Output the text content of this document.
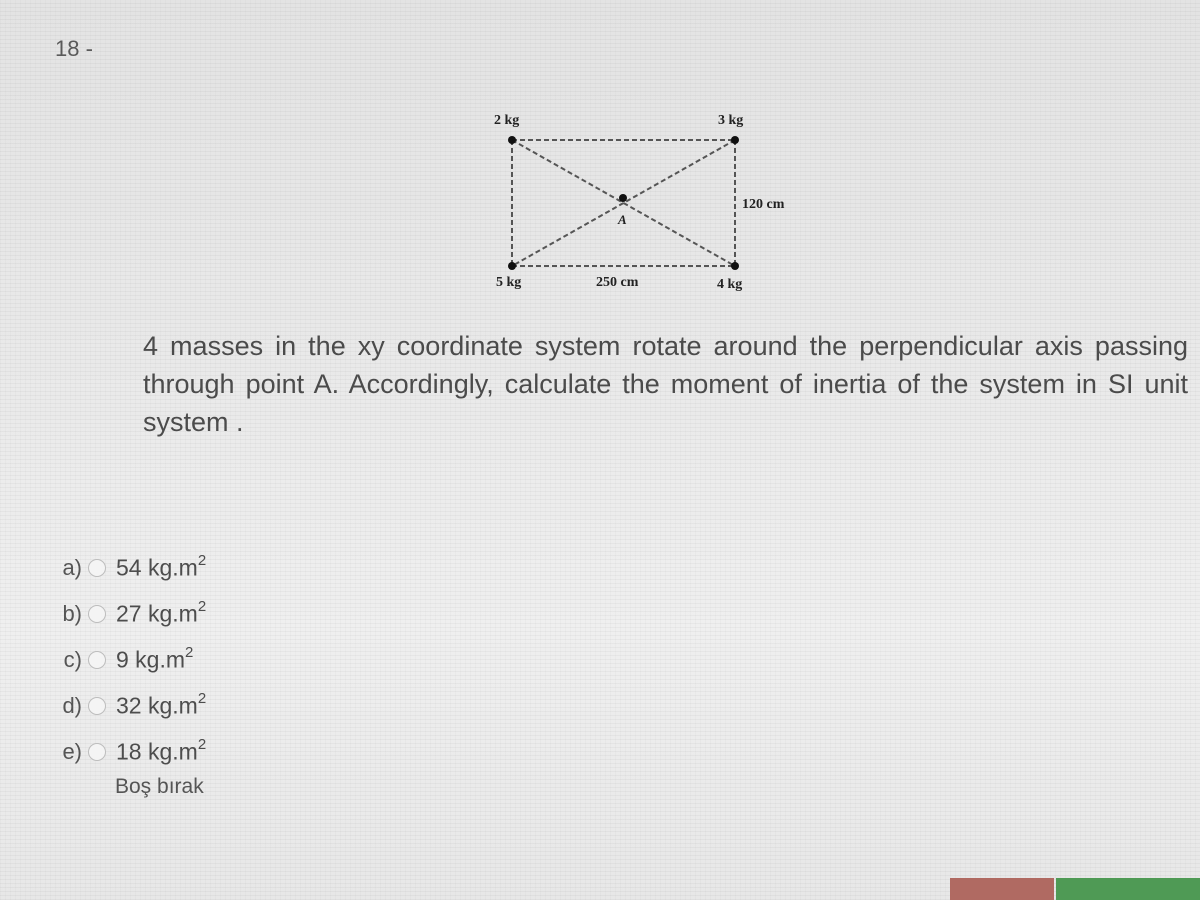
18 -
2 kg	3 kg
5 kg	4 kg
250 cm
120 cm
A
4 masses in the xy coordinate system rotate around the perpendicular axis passing through point A. Accordingly, calculate the moment of inertia of the system in SI unit system .
a) 54 $kg.m^2$
b) 27 $kg.m^2$
c) 9 $kg.m^2$
d) 32 $kg.m^2$
e) 18 $kg.m^2$
Boş bırak
